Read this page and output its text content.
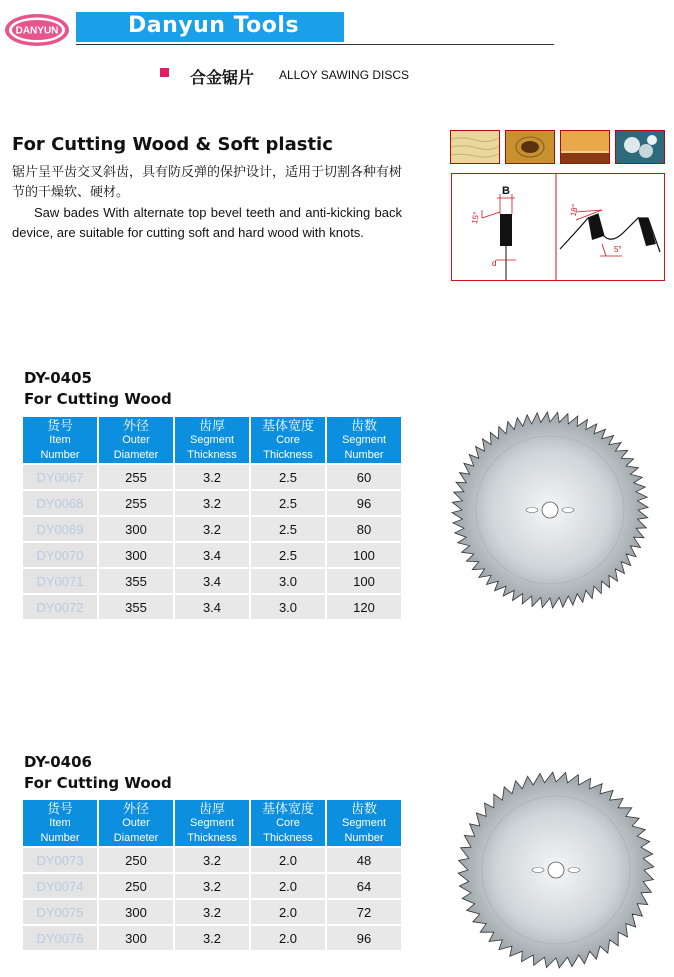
DANYUN	Danyun Tools
合金锯片 ALLOY SAWING DISCS
For Cutting Wood & Soft plastic
锯片呈平齿交叉斜齿，具有防反弹的保护设计，适用于切割各种有树节的干燥软、硬材。
Saw bades With alternate top bevel teeth and anti-kicking back device, are suitable for cutting soft and hard wood with knots.
B
15°
d
18°
5°
DY-0405
For Cutting Wood
货号
Item
Number	外径
Outer
Diameter	齿厚
Segment
Thickness	基体宽度
Core
Thickness	齿数
Segment
Number
DY0067	255	3.2	2.5	60
DY0068	255	3.2	2.5	96
DY0069	300	3.2	2.5	80
DY0070	300	3.4	2.5	100
DY0071	355	3.4	3.0	100
DY0072	355	3.4	3.0	120
DY-0406
For Cutting Wood
货号
Item
Number	外径
Outer
Diameter	齿厚
Segment
Thickness	基体宽度
Core
Thickness	齿数
Segment
Number
DY0073	250	3.2	2.0	48
DY0074	250	3.2	2.0	64
DY0075	300	3.2	2.0	72
DY0076	300	3.2	2.0	96
